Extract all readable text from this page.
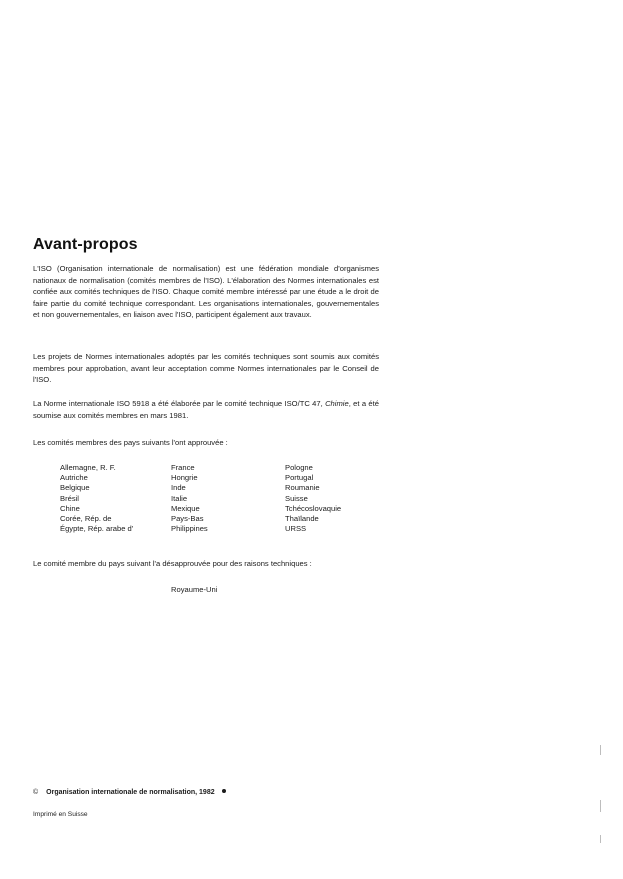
Avant-propos

L'ISO (Organisation internationale de normalisation) est une fédération mondiale d'organismes nationaux de normalisation (comités membres de l'ISO). L'élaboration des Normes internationales est confiée aux comités techniques de l'ISO. Chaque comité membre intéressé par une étude a le droit de faire partie du comité technique correspondant. Les organisations internationales, gouvernementales et non gouvernementales, en liaison avec l'ISO, participent également aux travaux.

Les projets de Normes internationales adoptés par les comités techniques sont soumis aux comités membres pour approbation, avant leur acceptation comme Normes internationales par le Conseil de l'ISO.

La Norme internationale ISO 5918 a été élaborée par le comité technique ISO/TC 47, Chimie, et a été soumise aux comités membres en mars 1981.

Les comités membres des pays suivants l'ont approuvée :

Allemagne, R. F.
Autriche
Belgique
Brésil
Chine
Corée, Rép. de
Égypte, Rép. arabe d'
France
Hongrie
Inde
Italie
Mexique
Pays-Bas
Philippines
Pologne
Portugal
Roumanie
Suisse
Tchécoslovaquie
Thaïlande
URSS

Le comité membre du pays suivant l'a désapprouvée pour des raisons techniques :

Royaume-Uni
© Organisation internationale de normalisation, 1982
Imprimé en Suisse
